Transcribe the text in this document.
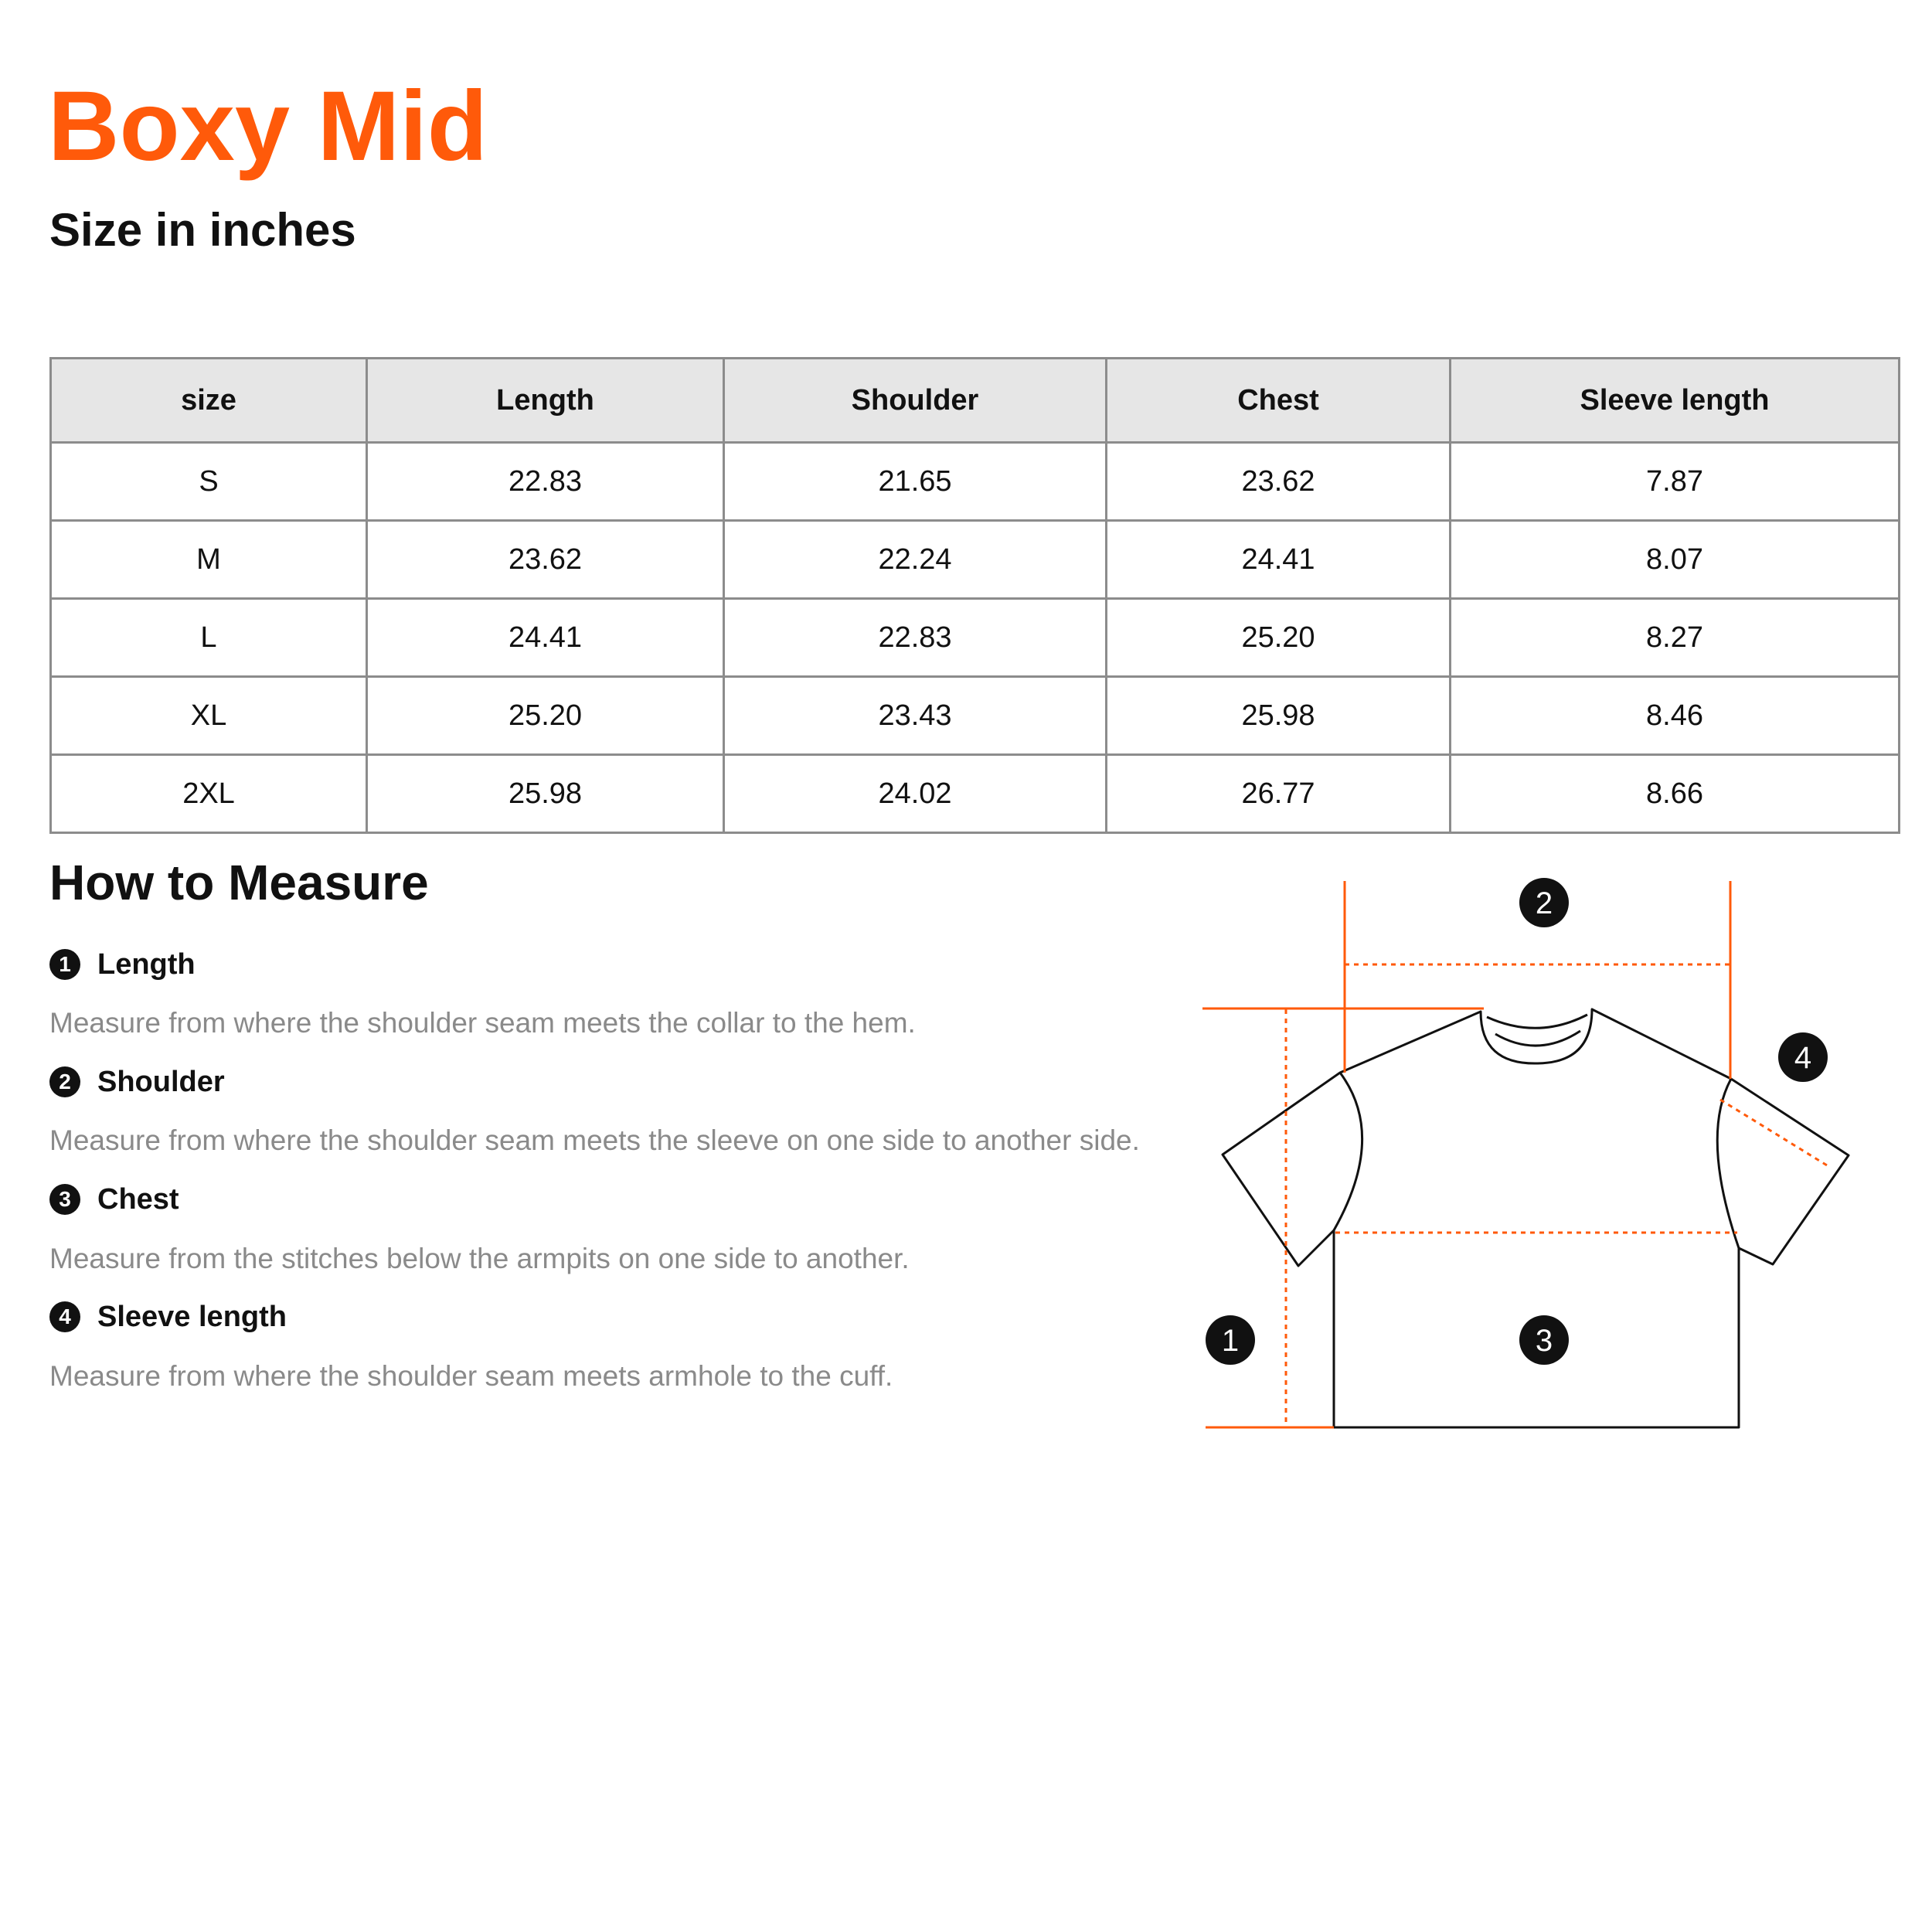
Boxy Mid
Size in inches
size	Length	Shoulder	Chest	Sleeve length
S	22.83	21.65	23.62	7.87
M	23.62	22.24	24.41	8.07
L	24.41	22.83	25.20	8.27
XL	25.20	23.43	25.98	8.46
2XL	25.98	24.02	26.77	8.66
How to Measure
1 Length

Measure from where the shoulder seam meets the collar to the hem.

2 Shoulder

Measure from where the shoulder seam meets the sleeve on one side to another side.

3 Chest

Measure from the stitches below the armpits on one side to another.

4 Sleeve length

Measure from where the shoulder seam meets armhole to the cuff.

1
2
3
4
